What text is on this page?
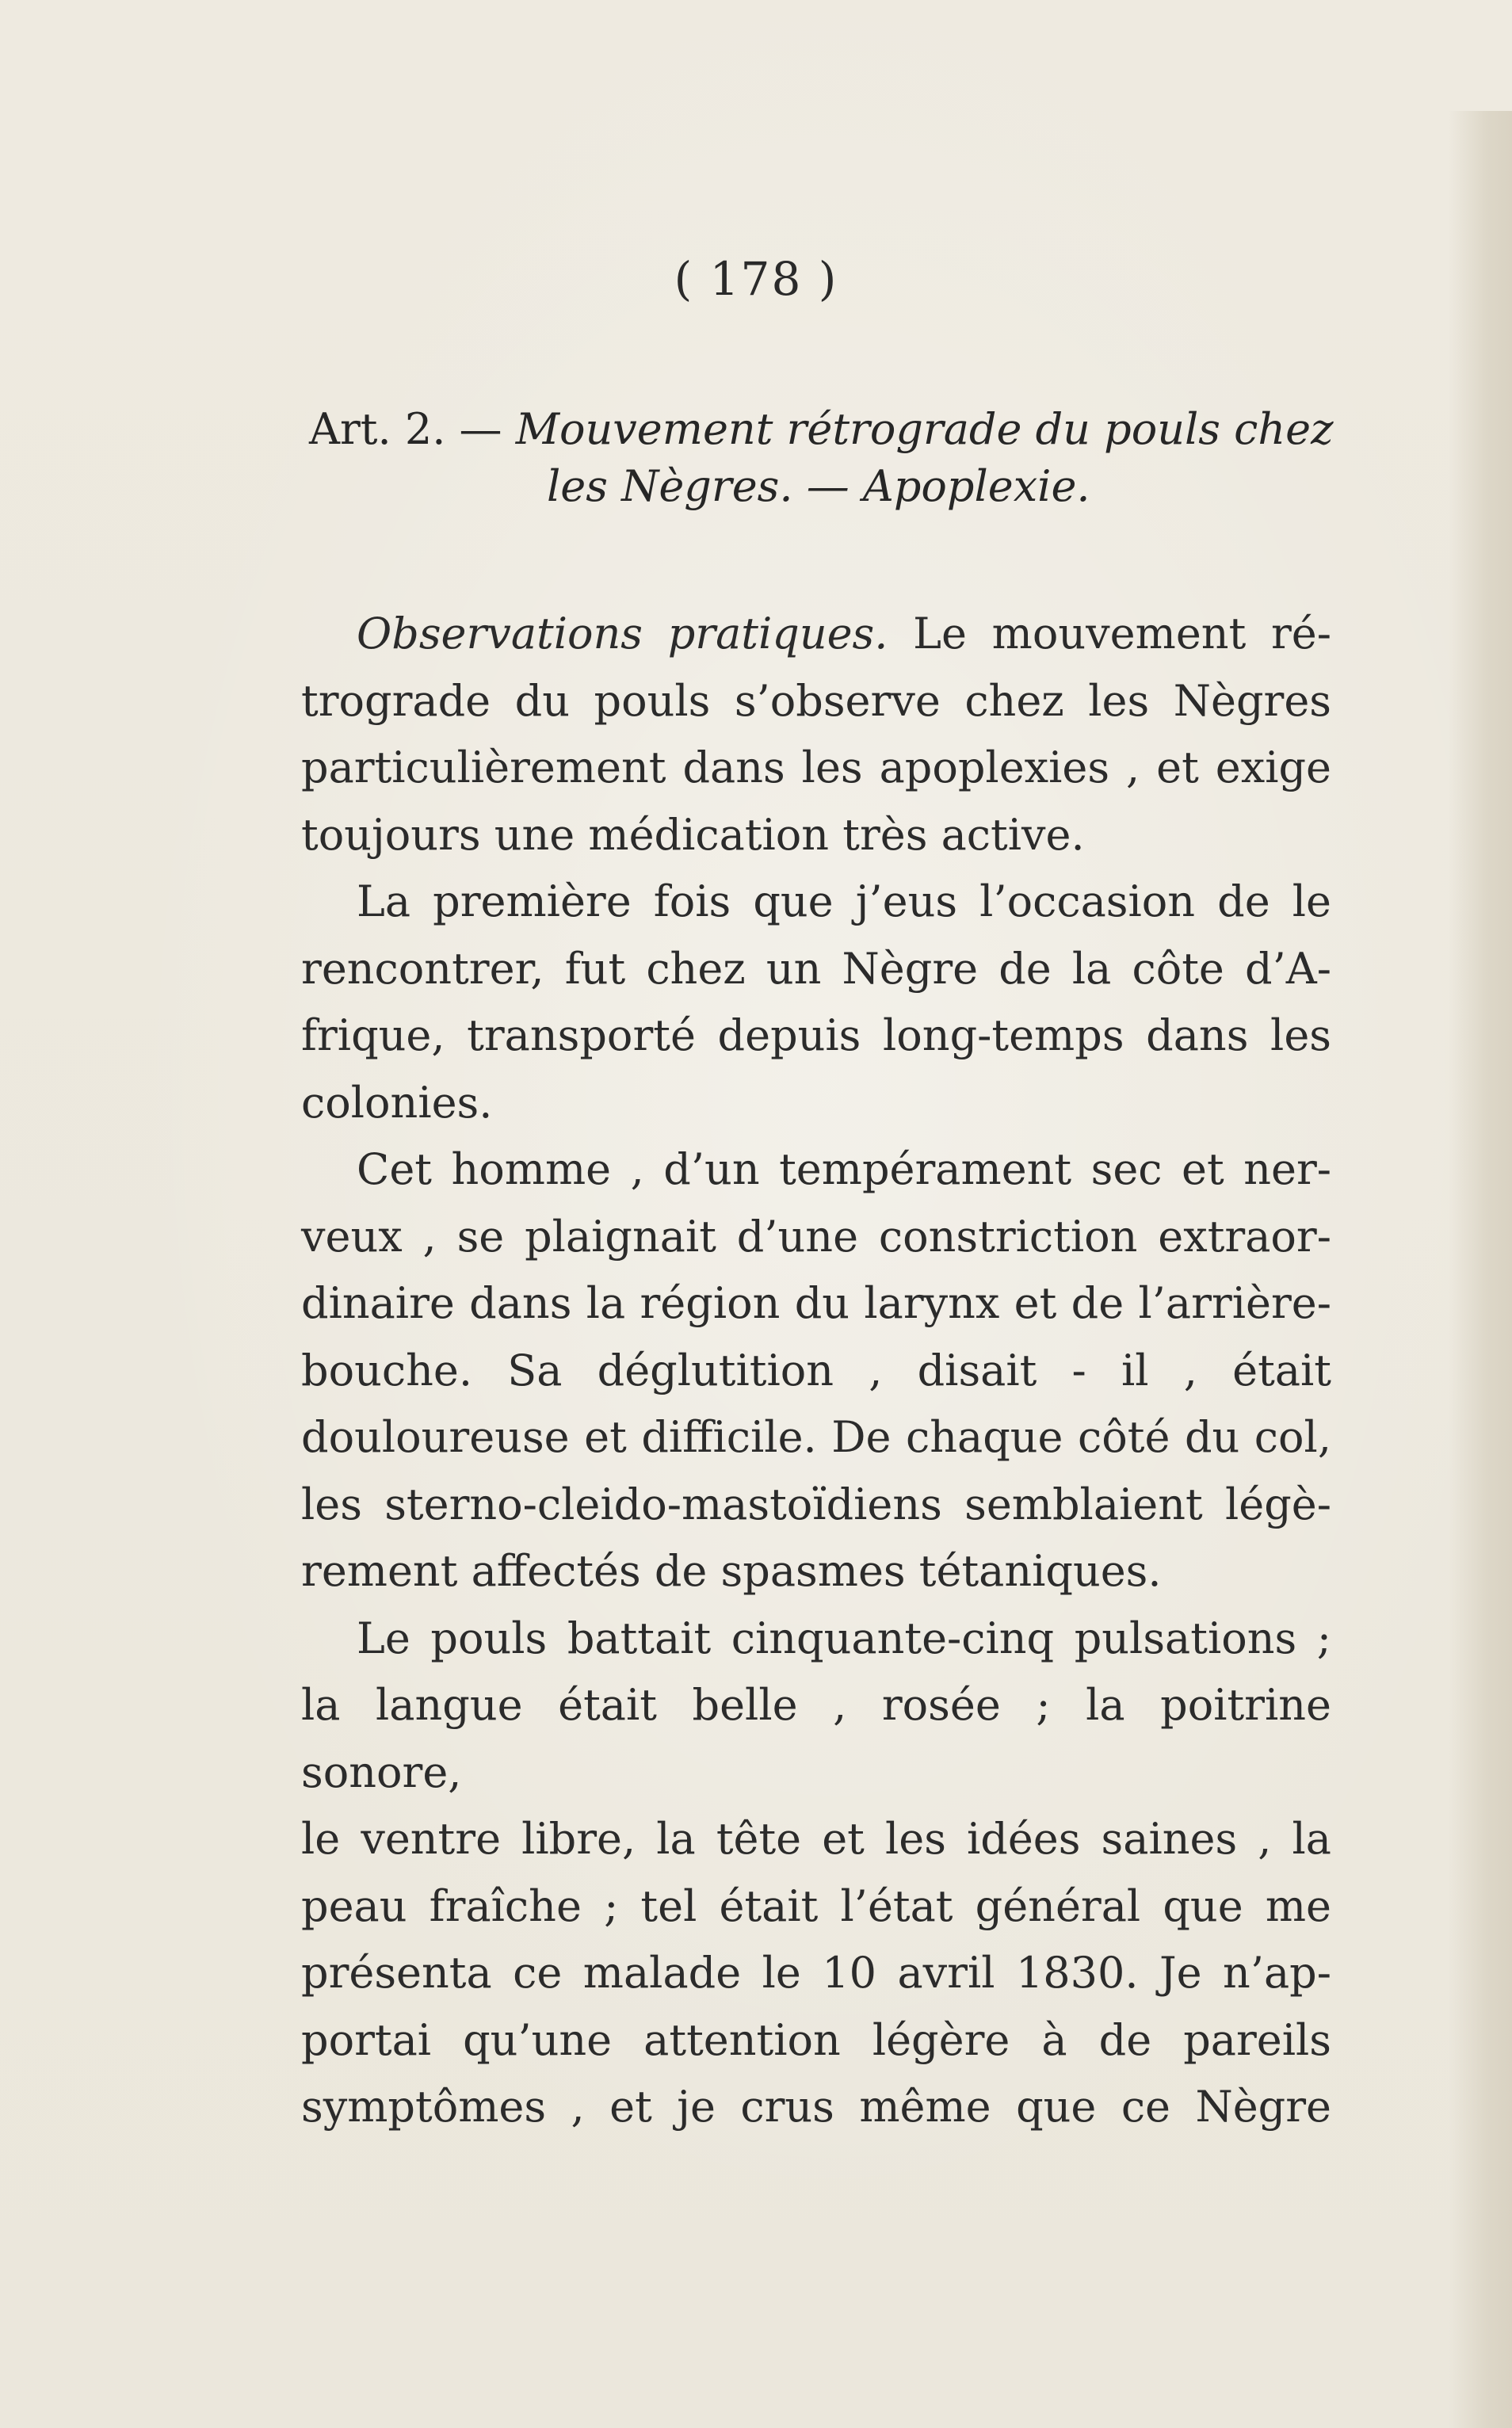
( 178 )
Art. 2. — Mouvement rétrograde du pouls chez
les Nègres. — Apoplexie.
Observations pratiques. Le mouvement ré-
trograde du pouls s’observe chez les Nègres
particulièrement dans les apoplexies , et exige
toujours une médication très active.
La première fois que j’eus l’occasion de le
rencontrer, fut chez un Nègre de la côte d’A-
frique, transporté depuis long-temps dans les
colonies.
Cet homme , d’un tempérament sec et ner-
veux , se plaignait d’une constriction extraor-
dinaire dans la région du larynx et de l’arrière-
bouche. Sa déglutition , disait - il , était
douloureuse et difficile. De chaque côté du col,
les sterno-cleido-mastoïdiens semblaient légè-
rement affectés de spasmes tétaniques.
Le pouls battait cinquante-cinq pulsations ;
la langue était belle , rosée ; la poitrine sonore,
le ventre libre, la tête et les idées saines , la
peau fraîche ; tel était l’état général que me
présenta ce malade le 10 avril 1830. Je n’ap-
portai qu’une attention légère à de pareils
symptômes , et je crus même que ce Nègre
